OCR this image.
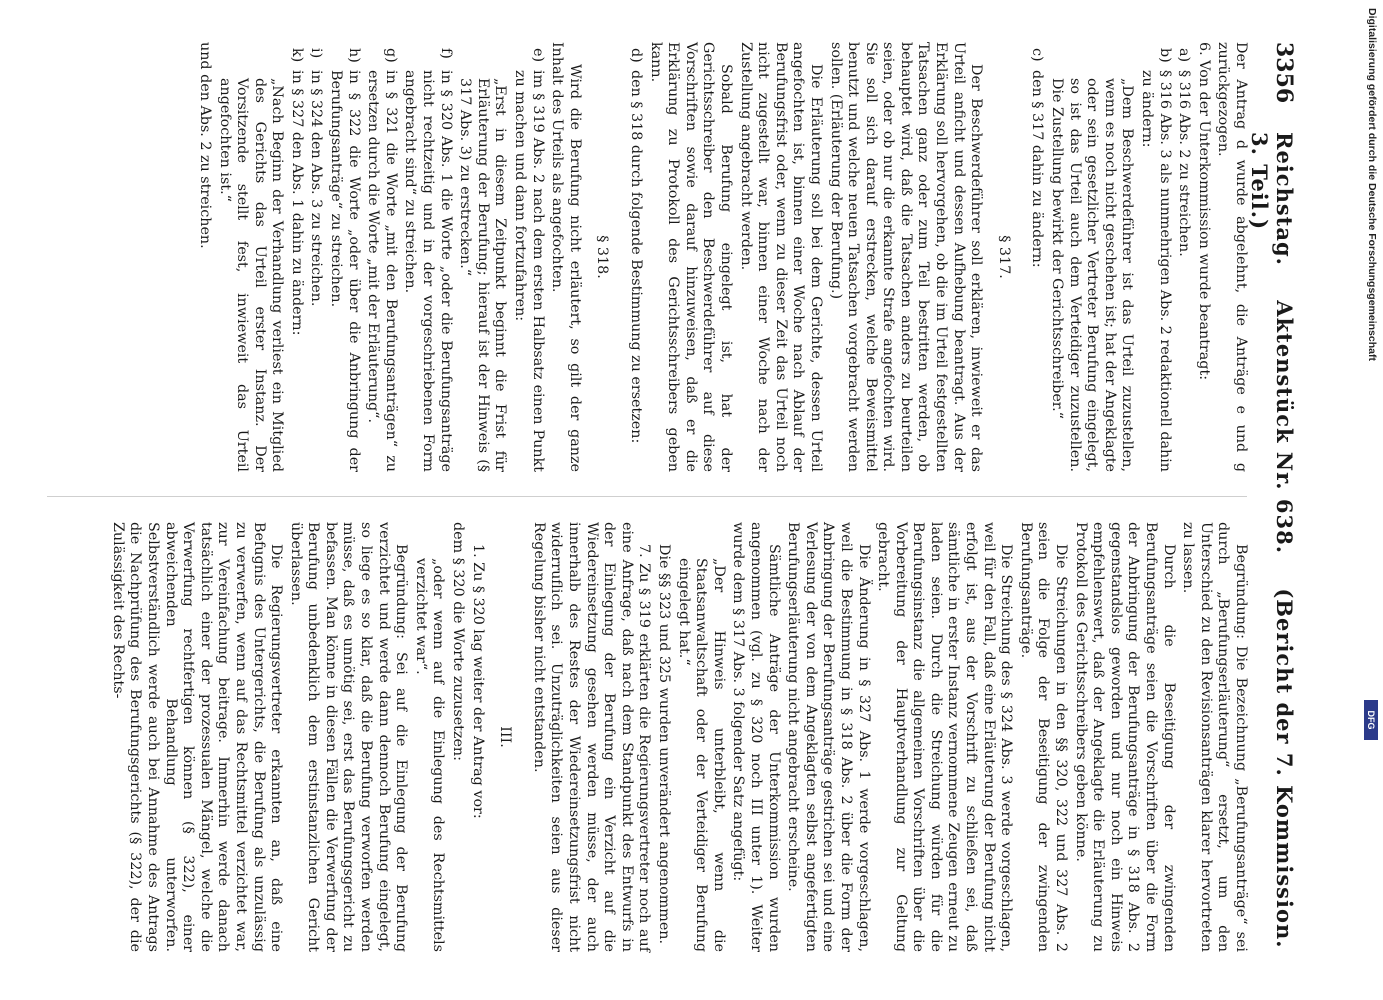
3356
Reichstag. Aktenstück Nr. 638. (Bericht der 7. Kommission. 3. Teil.)

Der Antrag d wurde abgelehnt, die Anträge e und g zurückgezogen.

6. Von der Unterkommission wurde beantragt:

a)
§ 316 Abs. 2 zu streichen.

b)
§ 316 Abs. 3 als nunmehrigen Abs. 2 redaktionell dahin zu ändern:

„Dem Beschwerdeführer ist das Urteil zuzustellen, wenn es noch nicht geschehen ist; hat der Angeklagte oder sein gesetzlicher Vertreter Berufung eingelegt, so ist das Urteil auch dem Verteidiger zuzustellen. Die Zustellung bewirkt der Gerichtsschreiber.“

c)
den § 317 dahin zu ändern:

§ 317.

Der Beschwerdeführer soll erklären, inwieweit er das Urteil anficht und dessen Aufhebung beantragt. Aus der Erklärung soll hervorgehen, ob die im Urteil festgestellten Tatsachen ganz oder zum Teil bestritten werden, ob behauptet wird, daß die Tatsachen anders zu beurteilen seien, oder ob nur die erkannte Strafe angefochten wird. Sie soll sich darauf erstrecken, welche Beweismittel benutzt und welche neuen Tatsachen vorgebracht werden sollen. (Erläuterung der Berufung.)

Die Erläuterung soll bei dem Gerichte, dessen Urteil angefochten ist, binnen einer Woche nach Ablauf der Berufungsfrist oder, wenn zu dieser Zeit das Urteil noch nicht zugestellt war, binnen einer Woche nach der Zustellung angebracht werden.

Sobald Berufung eingelegt ist, hat der Gerichtsschreiber den Beschwerdeführer auf diese Vorschriften sowie darauf hinzuweisen, daß er die Erklärung zu Protokoll des Gerichtsschreibers geben kann.

d)
den § 318 durch folgende Bestimmung zu ersetzen:

§ 318.

Wird die Berufung nicht erläutert, so gilt der ganze Inhalt des Urteils als angefochten.

e)
im § 319 Abs. 2 nach dem ersten Halbsatz einen Punkt zu machen und dann fortzufahren:

„Erst in diesem Zeitpunkt beginnt die Frist für Erläuterung der Berufung; hierauf ist der Hinweis (§ 317 Abs. 3) zu erstrecken.“

f)
in § 320 Abs. 1 die Worte „oder die Berufungsanträge nicht rechtzeitig und in der vorgeschriebenen Form angebracht sind“ zu streichen.

g)
in § 321 die Worte „mit den Berufungsanträgen“ zu ersetzen durch die Worte „mit der Erläuterung“.

h)
in § 322 die Worte „oder über die Anbringung der Berufungsanträge“ zu streichen.

i)
in § 324 den Abs. 3 zu streichen.

k)
in § 327 den Abs. 1 dahin zu ändern:

„Nach Beginn der Verhandlung verliest ein Mitglied des Gerichts das Urteil erster Instanz. Der Vorsitzende stellt fest, inwieweit das Urteil angefochten ist.“

und den Abs. 2 zu streichen.

Begründung: Die Bezeichnung „Berufungsanträge“ sei durch „Berufungserläuterung“ ersetzt, um den Unterschied zu den Revisionsanträgen klarer hervortreten zu lassen.

Durch die Beseitigung der zwingenden Berufungsanträge seien die Vorschriften über die Form der Anbringung der Berufungsanträge in § 318 Abs. 2 gegenstandslos geworden und nur noch ein Hinweis empfehlenswert, daß der Angeklagte die Erläuterung zu Protokoll des Gerichtsschreibers geben könne.

Die Streichungen in den §§ 320, 322 und 327 Abs. 2 seien die Folge der Beseitigung der zwingenden Berufungsanträge.

Die Streichung des § 324 Abs. 3 werde vorgeschlagen, weil für den Fall, daß eine Erläuterung der Berufung nicht erfolgt ist, aus der Vorschrift zu schließen sei, daß sämtliche in erster Instanz vernommene Zeugen erneut zu laden seien. Durch die Streichung würden für die Berufungsinstanz die allgemeinen Vorschriften über die Vorbereitung der Hauptverhandlung zur Geltung gebracht.

Die Änderung in § 327 Abs. 1 werde vorgeschlagen, weil die Bestimmung in § 318 Abs. 2 über die Form der Anbringung der Berufungsanträge gestrichen sei und eine Verlesung der von dem Angeklagten selbst angefertigten Berufungserläuterung nicht angebracht erscheine.

Sämtliche Anträge der Unterkommission wurden angenommen (vgl. zu § 320 noch III unter 1). Weiter wurde dem § 317 Abs. 3 folgender Satz angefügt:

„Der Hinweis unterbleibt, wenn die Staatsanwaltschaft oder der Verteidiger Berufung eingelegt hat.“

Die §§ 323 und 325 wurden unverändert angenommen.

7. Zu § 319 erklärten die Regierungsvertreter noch auf eine Anfrage, daß nach dem Standpunkt des Entwurfs in der Einlegung der Berufung ein Verzicht auf die Wiedereinsetzung gesehen werden müsse, der auch innerhalb des Restes der Wiedereinsetzungsfrist nicht widerruflich sei. Unzuträglichkeiten seien aus dieser Regelung bisher nicht entstanden.

III.

1. Zu § 320 lag weiter der Antrag vor:

dem § 320 die Worte zuzusetzen:

„oder wenn auf die Einlegung des Rechtsmittels verzichtet war“.

Begründung: Sei auf die Einlegung der Berufung verzichtet und werde dann dennoch Berufung eingelegt, so liege es so klar, daß die Berufung verworfen werden müsse, daß es unnötig sei, erst das Berufungsgericht zu befassen. Man könne in diesen Fällen die Verwerfung der Berufung unbedenklich dem erstinstanzlichen Gericht überlassen.

Die Regierungsvertreter erkannten an, daß eine Befugnis des Untergerichts, die Berufung als unzulässig zu verwerfen, wenn auf das Rechtsmittel verzichtet war, zur Vereinfachung beitrage. Immerhin werde danach tatsächlich einer der prozessualen Mängel, welche die Verwerfung rechtfertigen können (§ 322), einer abweichenden Behandlung unterworfen. Selbstverständlich werde auch bei Annahme des Antrags die Nachprüfung des Berufungsgerichts (§ 322), der die Zulässigkeit des Rechts-

Digitalisierung gefördert durch die Deutsche Forschungsgemeinschaft
DFG
